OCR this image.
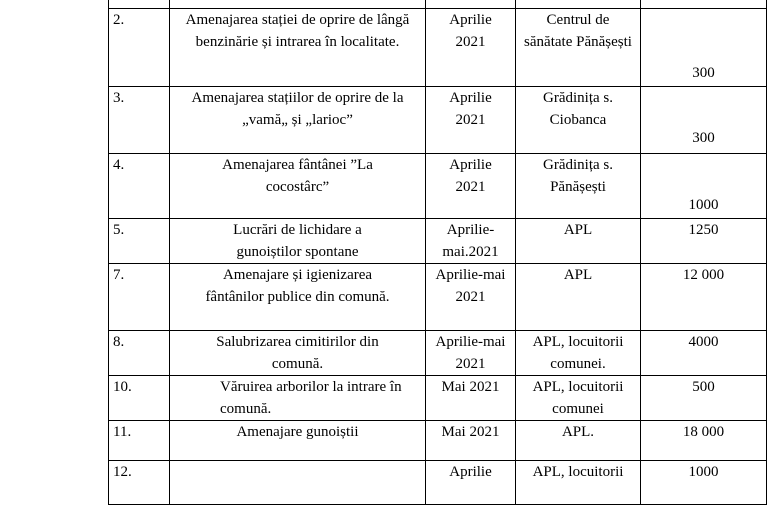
2.	Amenajarea stației de oprire de lângă benzinărie și intrarea în localitate.	Aprilie 2021	Centrul de sănătate Pănășești	300
3.	Amenajarea stațiilor de oprire de la „vamă„ și „larioc”	Aprilie 2021	Grădinița s. Ciobanca	300
4.	Amenajarea fântânei ”La cocostârc”	Aprilie 2021	Grădinița s. Pănășești	1000
5.	Lucrări de lichidare a gunoiștilor spontane	Aprilie-mai.2021	APL	1250
7.	Amenajare și igienizarea fântânilor publice din comună.	Aprilie-mai 2021	APL	12 000
8.	Salubrizarea cimitirilor din comună.	Aprilie-mai 2021	APL, locuitorii comunei.	4000
10.	Văruirea arborilor la intrare în comună.	Mai 2021	APL, locuitorii comunei	500
11.	Amenajare gunoiștii	Mai 2021	APL.	18 000
12.		Aprilie	APL, locuitorii	1000
